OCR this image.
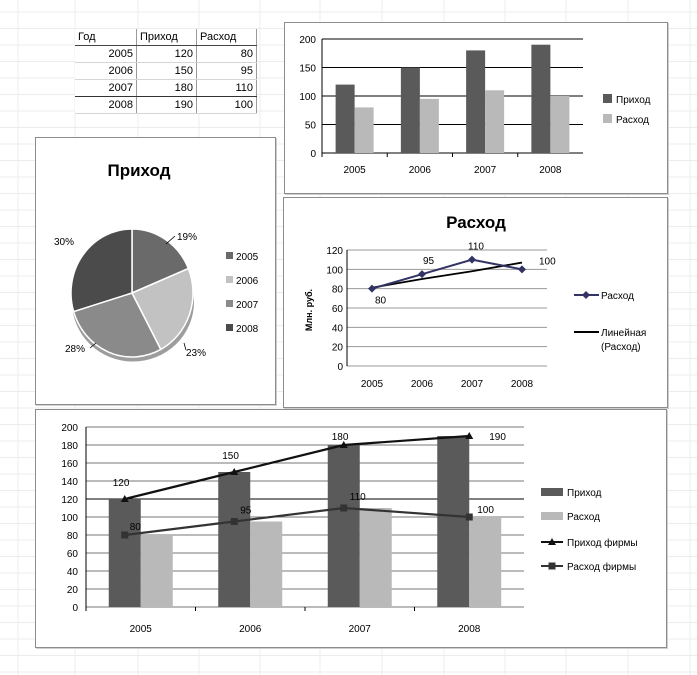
Год	Приход	Расход
2005	120	80
2006	150	95
2007	180	110
2008	190	100
0
50
100
150
200
2005	2006	2007	2008
Приход
Расход
Приход
19%
23%
28%
30%
2005
2006
2007
2008
Расход
0
20
40
60
80
100
120
Млн. руб.
2005	2006	2007	2008
80
95
110
100
Расход
Линейная
(Расход)
0
20
40
60
80
100
120
140
160
180
200
2005	2006	2007	2008
120
150
180	190
80
95
110
100
Приход
Расход
Приход фирмы
Расход фирмы
